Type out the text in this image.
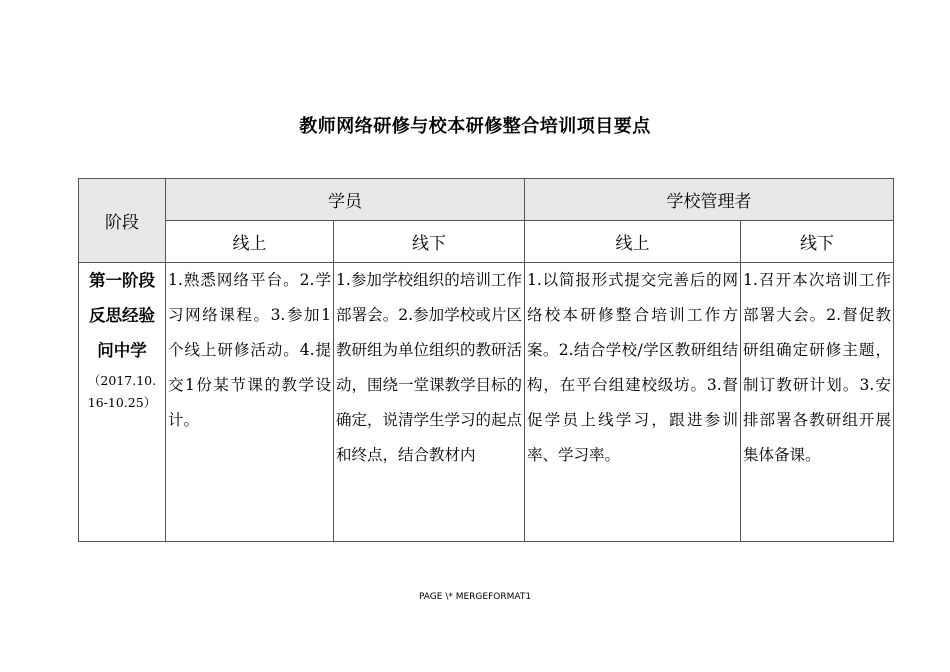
教师网络研修与校本研修整合培训项目要点
阶段	学员		学校管理者	
	线上	线下	线上	线下

第一阶段
反思经验
问中学
（2017.10.
16-10.25）	1.熟悉网络平台。2.学习网络课程。3.参加1个线上研修活动。4.提交1份某节课的教学设计。	1.参加学校组织的培训工作部署会。2.参加学校或片区教研组为单位组织的教研活动，围绕一堂课教学目标的确定，说清学生学习的起点和终点，结合教材内	1.以简报形式提交完善后的网络校本研修整合培训工作方案。2.结合学校/学区教研组结构，在平台组建校级坊。3.督促学员上线学习，跟进参训率、学习率。	1.召开本次培训工作部署大会。2.督促教研组确定研修主题，制订教研计划。3.安排部署各教研组开展集体备课。
PAGE \* MERGEFORMAT1
